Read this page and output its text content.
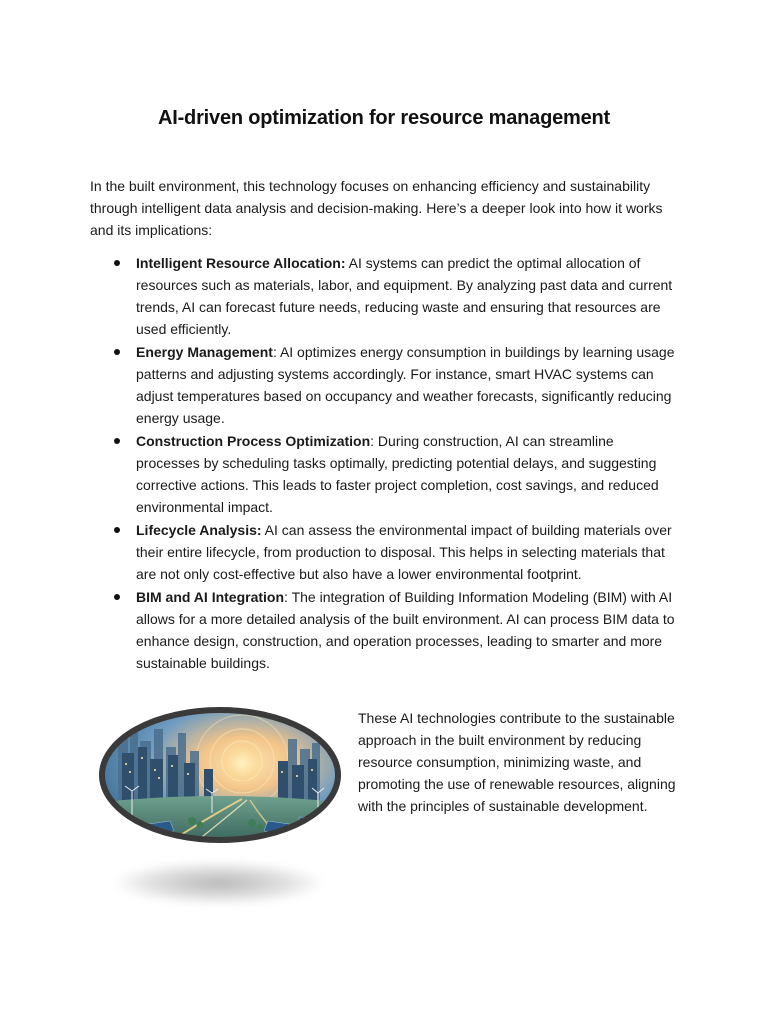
AI-driven optimization for resource management

In the built environment, this technology focuses on enhancing efficiency and sustainability through intelligent data analysis and decision-making. Here’s a deeper look into how it works and its implications:

Intelligent Resource Allocation: AI systems can predict the optimal allocation of resources such as materials, labor, and equipment. By analyzing past data and current trends, AI can forecast future needs, reducing waste and ensuring that resources are used efficiently.
Energy Management: AI optimizes energy consumption in buildings by learning usage patterns and adjusting systems accordingly. For instance, smart HVAC systems can adjust temperatures based on occupancy and weather forecasts, significantly reducing energy usage.
Construction Process Optimization: During construction, AI can streamline processes by scheduling tasks optimally, predicting potential delays, and suggesting corrective actions. This leads to faster project completion, cost savings, and reduced environmental impact.
Lifecycle Analysis: AI can assess the environmental impact of building materials over their entire lifecycle, from production to disposal. This helps in selecting materials that are not only cost-effective but also have a lower environmental footprint.
BIM and AI Integration: The integration of Building Information Modeling (BIM) with AI allows for a more detailed analysis of the built environment. AI can process BIM data to enhance design, construction, and operation processes, leading to smarter and more sustainable buildings.

These AI technologies contribute to the sustainable approach in the built environment by reducing resource consumption, minimizing waste, and promoting the use of renewable resources, aligning with the principles of sustainable development.
